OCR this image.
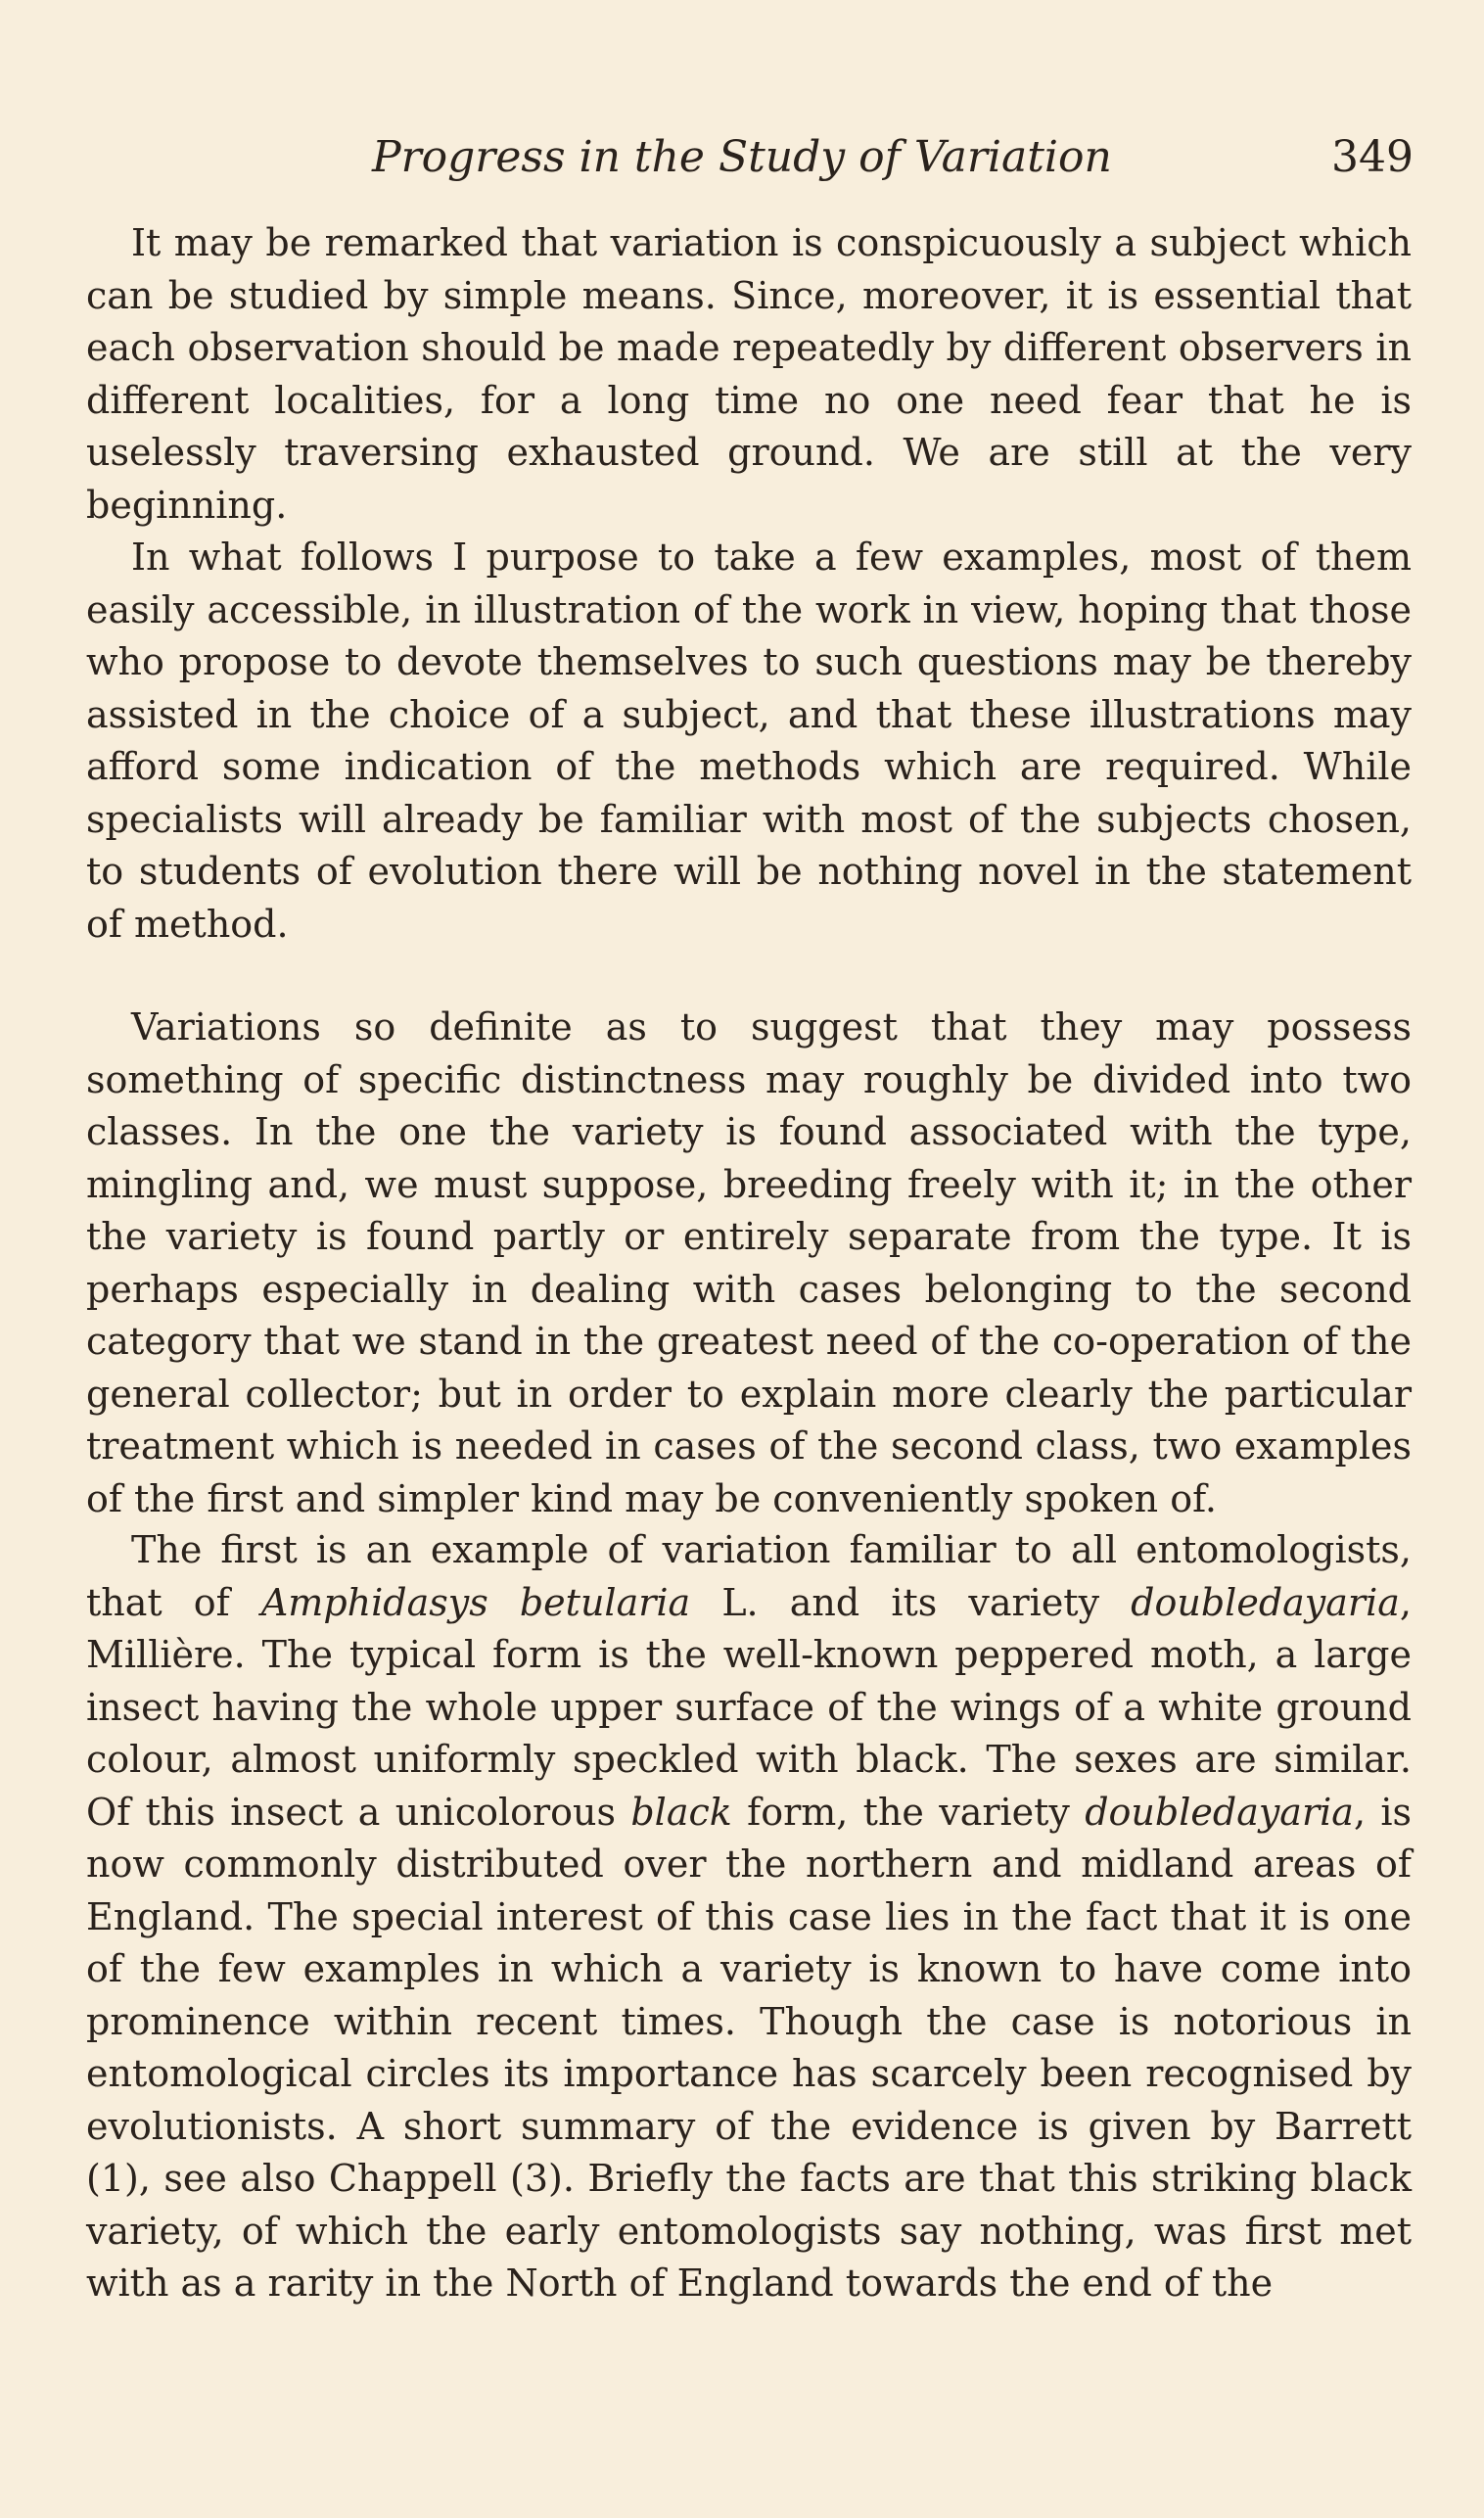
Progress in the Study of Variation	349

It may be remarked that variation is conspicuously a subject which can be studied by simple means. Since, moreover, it is essential that each observation should be made repeatedly by different observers in different localities, for a long time no one need fear that he is uselessly traversing exhausted ground. We are still at the very beginning.

In what follows I purpose to take a few examples, most of them easily accessible, in illustration of the work in view, hoping that those who propose to devote themselves to such questions may be thereby assisted in the choice of a subject, and that these illustrations may afford some indication of the methods which are required. While specialists will already be familiar with most of the subjects chosen, to students of evolution there will be nothing novel in the statement of method.

Variations so definite as to suggest that they may possess something of specific distinctness may roughly be divided into two classes. In the one the variety is found associated with the type, mingling and, we must suppose, breeding freely with it; in the other the variety is found partly or entirely separate from the type. It is perhaps especially in dealing with cases belonging to the second category that we stand in the greatest need of the co-operation of the general collector; but in order to explain more clearly the particular treatment which is needed in cases of the second class, two examples of the first and simpler kind may be conveniently spoken of.

The first is an example of variation familiar to all entomologists, that of Amphidasys betularia L. and its variety doubledayaria, Millière. The typical form is the well-known peppered moth, a large insect having the whole upper surface of the wings of a white ground colour, almost uniformly speckled with black. The sexes are similar. Of this insect a unicolorous black form, the variety doubledayaria, is now commonly distributed over the northern and midland areas of England. The special interest of this case lies in the fact that it is one of the few examples in which a variety is known to have come into prominence within recent times. Though the case is notorious in entomological circles its importance has scarcely been recognised by evolutionists. A short summary of the evidence is given by Barrett (1), see also Chappell (3). Briefly the facts are that this striking black variety, of which the early entomologists say nothing, was first met with as a rarity in the North of England towards the end of the
